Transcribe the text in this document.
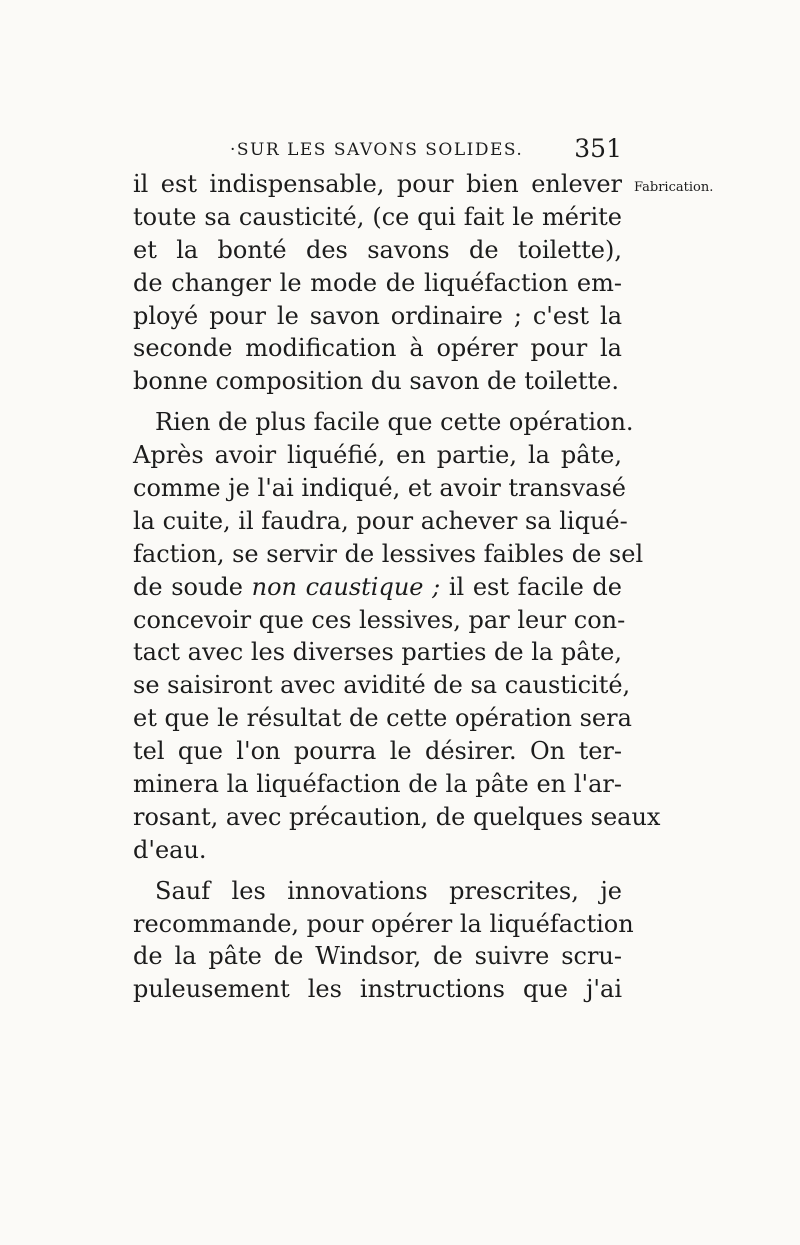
·SUR LES SAVONS SOLIDES. 351
Fabrication.
il est indispensable, pour bien enlever
toute sa causticité, (ce qui fait le mérite
et la bonté des savons de toilette),
de changer le mode de liquéfaction em-
ployé pour le savon ordinaire ; c'est la
seconde modification à opérer pour la
bonne composition du savon de toilette.
Rien de plus facile que cette opération.
Après avoir liquéfié, en partie, la pâte,
comme je l'ai indiqué, et avoir transvasé
la cuite, il faudra, pour achever sa liqué-
faction, se servir de lessives faibles de sel
de soude non caustique ; il est facile de
concevoir que ces lessives, par leur con-
tact avec les diverses parties de la pâte,
se saisiront avec avidité de sa causticité,
et que le résultat de cette opération sera
tel que l'on pourra le désirer. On ter-
minera la liquéfaction de la pâte en l'ar-
rosant, avec précaution, de quelques seaux
d'eau.
Sauf les innovations prescrites, je
recommande, pour opérer la liquéfaction
de la pâte de Windsor, de suivre scru-
puleusement les instructions que j'ai
